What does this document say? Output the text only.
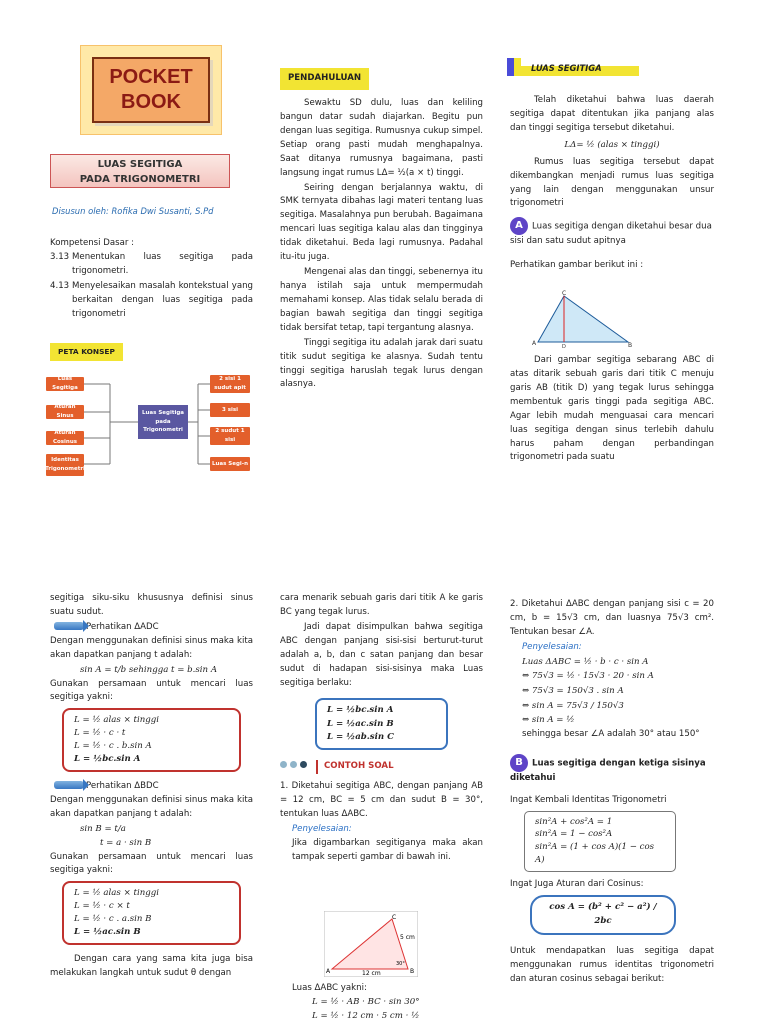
POCKET
BOOK
LUAS SEGITIGA
PADA TRIGONOMETRI
Disusun oleh: Rofika Dwi Susanti, S.Pd
Kompetensi Dasar :
3.13 Menentukan luas segitiga pada trigonometri.

4.13 Menyelesaikan masalah kontekstual yang berkaitan dengan luas segitiga pada trigonometri

PETA KONSEP
Luas Segitiga
Aturan Sinus
Aturan Cosinus
Identitas Trigonometri
Luas Segitiga pada Trigonometri
2 sisi 1 sudut apit
3 sisi
2 sudut 1 sisi
Luas Segi-n
PENDAHULUAN

Sewaktu SD dulu, luas dan keliling bangun datar sudah diajarkan. Begitu pun dengan luas segitiga. Rumusnya cukup simpel. Setiap orang pasti mudah menghapalnya. Saat ditanya rumusnya bagaimana, pasti langsung ingat rumus LΔ= ½(a × t) tinggi.

Seiring dengan berjalannya waktu, di SMK ternyata dibahas lagi materi tentang luas segitiga. Masalahnya pun berubah. Bagaimana mencari luas segitiga kalau alas dan tingginya tidak diketahui. Beda lagi rumusnya. Padahal itu-itu juga.

Mengenai alas dan tinggi, sebenernya itu hanya istilah saja untuk mempermudah memahami konsep. Alas tidak selalu berada di bagian bawah segitiga dan tinggi segitiga tidak bersifat tetap, tapi tergantung alasnya.

Tinggi segitiga itu adalah jarak dari suatu titik sudut segitiga ke alasnya. Sudah tentu tinggi segitiga haruslah tegak lurus dengan alasnya.

LUAS SEGITIGA

Telah diketahui bahwa luas daerah segitiga dapat ditentukan jika panjang alas dan tinggi segitiga tersebut diketahui.

LΔ= ½ (alas × tinggi)

Rumus luas segitiga tersebut dapat dikembangkan menjadi rumus luas segitiga yang lain dengan menggunakan unsur trigonometri

A Luas segitiga dengan diketahui besar dua sisi dan satu sudut apitnya
Perhatikan gambar berikut ini :
A	B
C
D

Dari gambar segitiga sebarang ABC di atas ditarik sebuah garis dari titik C menuju garis AB (titik D) yang tegak lurus sehingga membentuk garis tinggi pada segitiga ABC. Agar lebih mudah menguasai cara mencari luas segitiga dengan sinus terlebih dahulu harus paham dengan perbandingan trigonometri pada suatu

segitiga siku-siku khususnya definisi sinus suatu sudut.

Perhatikan ΔADC

Dengan menggunakan definisi sinus maka kita akan dapatkan panjang t adalah:

sin A = t/b sehingga t = b.sin A

Gunakan persamaan untuk mencari luas segitiga yakni:

L = ½ alas × tinggi
L = ½ · c · t
L = ½ · c . b.sin A
L = ½bc.sin A
Perhatikan ΔBDC

Dengan menggunakan definisi sinus maka kita akan dapatkan panjang t adalah:

sin B = t/a
t = a · sin B

Gunakan persamaan untuk mencari luas segitiga yakni:

L = ½ alas × tinggi
L = ½ · c × t
L = ½ · c . a.sin B
L = ½ac.sin B

Dengan cara yang sama kita juga bisa melakukan langkah untuk sudut θ dengan

cara menarik sebuah garis dari titik A ke garis BC yang tegak lurus.

Jadi dapat disimpulkan bahwa segitiga ABC dengan panjang sisi-sisi berturut-turut adalah a, b, dan c satan panjang dan besar sudut di hadapan sisi-sisinya maka Luas segitiga berlaku:

L = ½bc.sin A
L = ½ac.sin B
L = ½ab.sin C
CONTOH SOAL

1. Diketahui segitiga ABC, dengan panjang AB = 12 cm, BC = 5 cm dan sudut B = 30°, tentukan luas ΔABC.

Penyelesaian:

Jika digambarkan segitiganya maka akan tampak seperti gambar di bawah ini.

C
A	B
5 cm
12 cm
30°
Luas ΔABC yakni:
L = ½ · AB · BC · sin 30°
L = ½ · 12 cm · 5 cm · ½

2. Diketahui ΔABC dengan panjang sisi c = 20 cm, b = 15√3 cm, dan luasnya 75√3 cm². Tentukan besar ∠A.

Penyelesaian:
Luas ΔABC = ½ · b · c · sin A
⇔ 75√3 = ½ · 15√3 · 20 · sin A
⇔ 75√3 = 150√3 . sin A
⇔ sin A = 75√3 / 150√3
⇔ sin A = ½
sehingga besar ∠A adalah 30° atau 150°
B Luas segitiga dengan ketiga sisinya diketahui
Ingat Kembali Identitas Trigonometri
sin²A + cos²A = 1
sin²A = 1 − cos²A
sin²A = (1 + cos A)(1 − cos A)
Ingat Juga Aturan dari Cosinus:
cos A = (b² + c² − a²) / 2bc

Untuk mendapatkan luas segitiga dapat menggunakan rumus identitas trigonometri dan aturan cosinus sebagai berikut:
